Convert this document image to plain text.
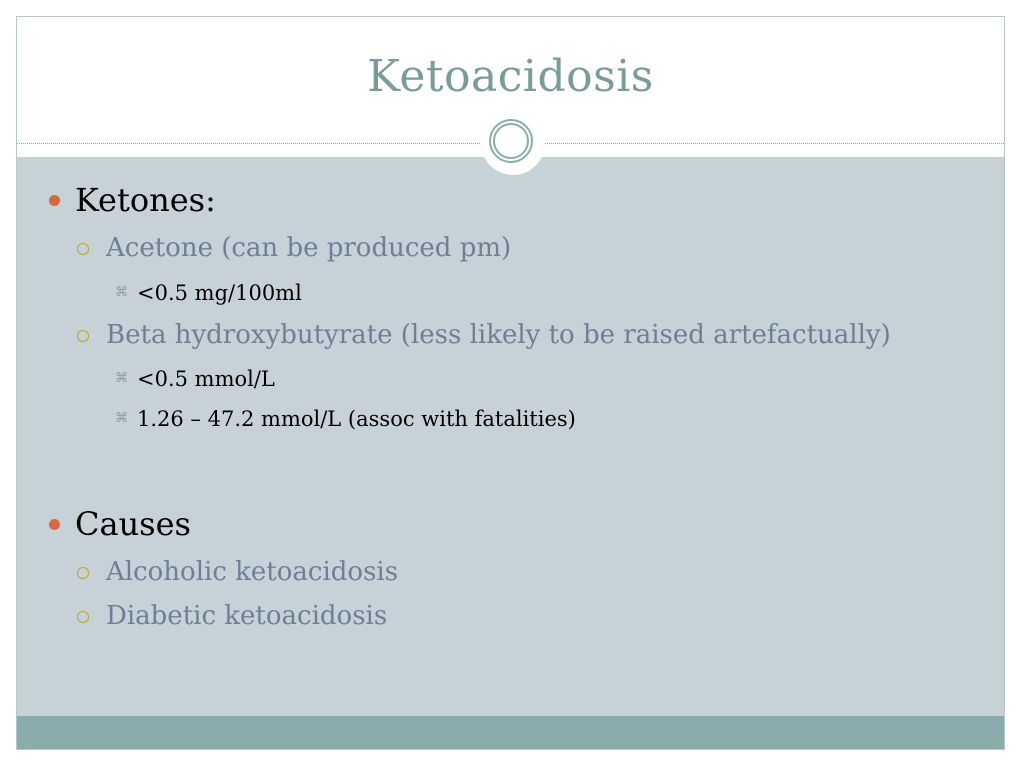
Ketoacidosis
Ketones:
Acetone (can be produced pm)
⌘ <0.5 mg/100ml
Beta hydroxybutyrate (less likely to be raised artefactually)
⌘ <0.5 mmol/L
⌘ 1.26 – 47.2 mmol/L (assoc with fatalities)
Causes
Alcoholic ketoacidosis
Diabetic ketoacidosis
